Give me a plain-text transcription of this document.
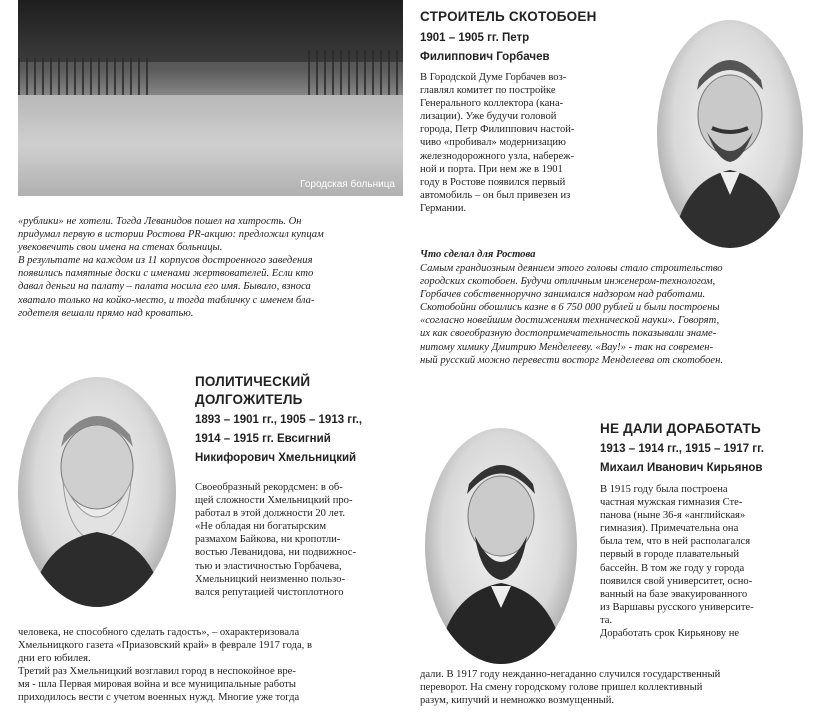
Городская больница

«рублики» не хотели. Тогда Леванидов пошел на хитрость. Он

придумал первую в истории Ростова PR-акцию: предложил купцам

увековечить свои имена на стенах больницы.

В результате на каждом из 11 корпусов достроенного заведения

появились памятные доски с именами жертвователей. Если кто

давал деньги на палату – палата носила его имя. Бывало, взноса

хватало только на койко-место, и тогда табличку с именем бла-

годетеля вешали прямо над кроватью.

СТРОИТЕЛЬ СКОТОБОЕН
1901 – 1905 гг. Петр
Филиппович Горбачев

В Городской Думе Горбачев воз-

главлял комитет по постройке

Генерального коллектора (кана-

лизации). Уже будучи головой

города, Петр Филиппович настой-

чиво «пробивал» модернизацию

железнодорожного узла, набереж-

ной и порта. При нем же в 1901

году в Ростове появился первый

автомобиль – он был привезен из

Германии.

Что сделал для Ростова

Самым грандиозным деянием этого головы стало строительство

городских скотобоен. Будучи отличным инженером-технологом,

Горбачев собственноручно занимался надзором над работами.

Скотобойни обошлись казне в 6 750 000 рублей и были построены

«согласно новейшим достижениям технической науки». Говорят,

их как своеобразную достопримечательность показывали знаме-

нитому химику Дмитрию Менделееву. «Вау!» - так на современ-

ный русский можно перевести восторг Менделеева от скотобоен.

ПОЛИТИЧЕСКИЙ
ДОЛГОЖИТЕЛЬ
1893 – 1901 гг., 1905 – 1913 гг.,
1914 – 1915 гг. Евсигний
Никифорович Хмельницкий

Своеобразный рекордсмен: в об-

щей сложности Хмельницкий про-

работал в этой должности 20 лет.

«Не обладая ни богатырским

размахом Байкова, ни кропотли-

востью Леванидова, ни подвижнос-

тью и эластичностью Горбачева,

Хмельницкий неизменно пользо-

вался репутацией чистоплотного

человека, не способного сделать гадость», – охарактеризовала

Хмельницкого газета «Приазовский край» в феврале 1917 года, в

дни его юбилея.

Третий раз Хмельницкий возглавил город в неспокойное вре-

мя - шла Первая мировая война и все муниципальные работы

приходилось вести с учетом военных нужд. Многие уже тогда

НЕ ДАЛИ ДОРАБОТАТЬ
1913 – 1914 гг., 1915 – 1917 гг.
Михаил Иванович Кирьянов

В 1915 году была построена

частная мужская гимназия Сте-

панова (ныне 36-я «английская»

гимназия). Примечательна она

была тем, что в ней располагался

первый в городе плавательный

бассейн. В том же году у города

появился свой университет, осно-

ванный на базе эвакуированного

из Варшавы русского университе-

та.

Доработать срок Кирьянову не

дали. В 1917 году нежданно-негаданно случился государственный

переворот. На смену городскому голове пришел коллективный

разум, кипучий и немножко возмущенный.
